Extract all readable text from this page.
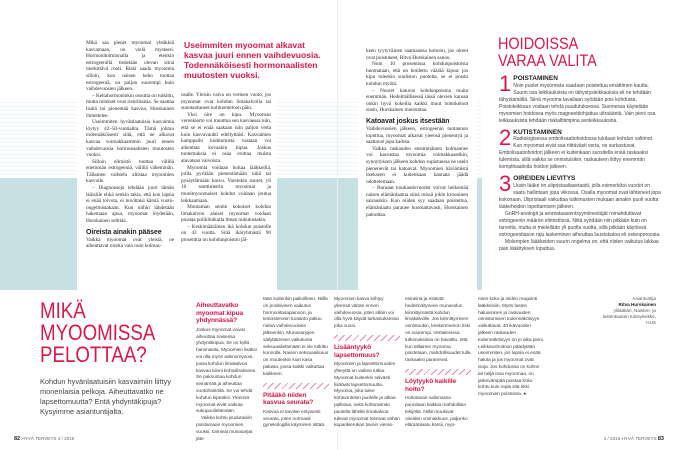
Mikä saa pienet myoomat yhtäkkiä kasvamaan, on vielä mysteeri. Hormonitoiminnalla ja etenkin estrogeenillä tiedetään olevan siinä merkittävä rooli. Riski saada myoomia silloin, kun naisen keho tuottaa estrogeeniä, on paljon suurempi kuin vaihdevuosien jälkeen.

– Keltahormoninkin osuutta on tutkittu, mutta tulokset ovat ristiriitaisia. Se saattaa lisätä tai pienentää kasvua, Hurskainen ihmettelee.

Useimmiten hyvänlaatuisia kasvaimia löytyy 42–50-vuotiailta. Tämä johtuu todennäköisesti siitä, että ne alkavat kasvaa voimakkaammin juuri ennen vaihdevuosia hormonaalisten muutosten vuoksi.

Silloin elimistö tuottaa välillä enemmän estrogeeniä, välillä vähemmän. Tällainen vaihtelu altistaa myoomien kasvulle.

– Diagnooseja tehdään juuri tämän ikäisille ehkä senkin takia, että kun lapsia ei enää toivota, ei huvittaisi kärsiä vuoto-ongelmistakaan. Kun niihin lähdetään hakemaan apua, myoomat löydetään, Hurskainen selittää.

Oireista ainakin pääsee

Vaikka myoomat ovat yleisiä, ne aiheuttavat oireita vain noin kolmas-

Useimmiten myoomat alkavat kasvaa juuri ennen vaihdevuosia. Todennäköisesti hormonaalisten muutosten vuoksi.

osalle. Yleisin vaiva on verinen vuoto, jos myoomat ovat kohdun limakalvolla tai suuntautuneet kohtuonteloon päin.

Yksi oire on kipu. Myooman verenkierto voi muuttua sen kasvaessa niin, että se ei enää saakaan niin paljon verta kuin kasvuvauhti edellyttäisi. Kasvaimen kamppailu kuihtumista vastaan voi aiheuttaa kovaakin kipua. Joskus tuntemuksia ei osaa erottaa muista alavatsan vaivoista.

Myoomia voidaan hoitaa lääkkeillä, joilla pyritään pienentämään niitä tai pysäyttämään kasvu. Varsinkin suuret, yli 10 senttimetrin myoomat ja monimyoomaiset kohdut voidaan joutua leikkaamaan.

Muutaman sentin kokoiset kohdun limakalvon alaiset myoomat voidaan poistaa poliklinikalla ilman nukutustakin.

– Keskimääräinen ikä kohdun poistolle on 43 vuotta. Siitä ikäryhmästä 90 prosenttia on kohdunpoiston jäl-

keen tyytyväinen saamaansa hoitoon, jos oireet ovat poistuneet, Ritva Hurskainen sanoo.

Noin 10 prosentissa kohdunpoistoista huomataan, että on hoidettu väärää kipua: jos kipu tuleekin suoliston puolelta, se ei poistu kohdun myötä.

– Nuoret katuvat kohdunpoistoa muita enemmän. Hedelmällisessä iässä olevien kanssa onkin hyvä kokeilla kaikki muut hoitokeinot ensin, Hurskainen muistuttaa.

Katoavat joskus itsestään

Vaihdevuosien jälkeen, estrogeenin tuotannon loputtua, myoomat alkavat yleensä pienentyä ja saattavat jopa kadota.

Vaikka raskauden ensimmäinen kolmannes voi kasvattaa myoomia voimakkaastikin, synnytyksen jälkeen kohdun supistuessa ne usein pienenevät tai katoavat. Myoomien häviämistä itsekseen ei kuitenkaan kannata jäädä odottelemaan.

– Runsaat kuukautisvuodot voivat heikentää naisen elämänlaatua siinä missä jokin krooninen sairauskin. Kun niiden syy saadaan poistettua, elämänlaatu paranee huomattavasti, Hurskainen painottaa.

HOIDOISSA
VARAA VALITA
1 POISTAMINEN

Noin puolet myoomista saadaan poistettua emättimen kautta. Suurin osa leikkauksista on tähystysleikkauksia eli ne tehdään tähystämällä. Siinä myooma tavallaan syödään pois kohdusta. Poistoleikkaus voidaan tehdä puudutuksessa. Suomessa käytetään myoomien hoidossa myös magneettiohjattua ultraääntä. Vain pieni osa leikkauksista tehdään riskialttiimpina avoleikkauksina.

2 KUTISTAMINEN

Radiologisessa embolisaatiohoidossa tukitaan kohdun valtimot. Kun myoomat eivät saa riittävästi verta, ne surkastuvat. Embolisaatiohoidon jälkeen ei kuitenkaan suositella enää raskaaksi tulemista, sillä vaikka se onnistuisikin, raskauteen liittyy enemmän komplikaatioita hoidon jälkeen.

3 OIREIDEN LIEVITYS

Uusin lääke on ulipristaaliasetaatti, jolla esimerkiksi vuodot on saatu hallintaan jopa viikossa. Osalla myoomat ovat lähteneet jopa kokonaan. Ulipristaali vaikuttaa tutkimusten mukaan ainakin puoli vuotta lääkehoidon lopettamisen jälkeen.

GnRH-analogit ja aromataasientsyymiinestäjät romahduttavat estrogeenin määrän elimistössä. Niitä syödään niin pitkään kuin on tarvetta, mutta ei mielellään yli puolta vuotta, sillä pitkään käytössä estrogeenitason raju laskeminen aiheuttaa luustokatoa eli osteoporoosia.

Molempien lääkkeiden suurin ongelma on, että niiden vaikutus lakkaa pian lääkityksen loputtua.

MIKÄ
MYOOMISSA
PELOTTAA?
Kohdun hyvänlaatuisiin kasvaimiin liittyy monenlaisia pelkoja. Aiheuttavatko ne lapsettomuutta? Entä yhdyntäkipuja? Kysyimme asiantuntijalta.
Aiheuttavatko myoomat kipua yhdynnässä?

Joskus myoomat voivat aiheuttaa naisessa yhdyntäkipua. Se on kyllä harvinaista. Myoomien lisäksi voi olla myös adenomyoosi, jossa kohdun limakalvoa kasvaa kiinni kohtulihakseen. Se paksuntaa kohdun seinämää ja aiheuttaa vuotohäiriöitä. Se voi tehdä kohdun kipeäksi. Yleensä myoomat eivät vaikuta sukupuolielämään.

Vaikka kohtu joudutaisiin poistamaan myoomien vuoksi, toimivat munasarjat jäte-

tään kuitenkin paikoilleen. Niillä on positiivinen vaikutus hormonitasapainoon, ja testosteronin tuotanto jatkuu niissä vaihdevuosien jälkeenkin. Munasarjojen säilyttämisen vaikutusta seksuaalielämään ei ole tutkittu kunnolla. Naisen seksuaalisuus on muutenkin kuin kasa palasia, jossa kaikki vaikuttaa kaikkeen.

Pitääkö niiden kasvua seurata?

Kasvua ei tarvitse erityisesti seurata, joten normaali gynekologilla käyminen riittää.

Myoomien kasvu kiihtyy yleensä vähän ennen vaihdevuosia, joten silloin voi olla hyvä käydä tarkastuksessa joka vuosi.

Lisääntyykö lapsettomuus?

Myoomien ja lapsettomuuden yhteyttä on vaikea tutkia. Myoomat kuitenkin selvästi lisäävät lapsettomuutta. Myooma, joka tulee kohtuontelon puolelle ja alkaa pullistua, sekä kohtuseinän puolelta lähelle limakalvoa tulevat myoomat toimivat vähän kuparikierukan tavoin vieras-

esineinä ja estävät hedelmöityneen munasolun kiinnittymästä kohdun limakalvolle. Jos kiinnittyminen onnistuukin, keskenmenon riski on suurempi. Vertailevissa tutkimuksissa on havaittu, että kun tällainen myooma poistetaan, mahdollisuudet tulla raskaaksi paranevat.

Löytyykö kaikille hoito?

Hoitotavan valinnassa punnitaan kaikkia mahdollisia tekijöitä. Niihin kuuluvat oireiden voimakkuus, paljonko elämänlaatu kärsii, myo-

mien koko ja niiden reagointi lääkkeisiin. Myös lasten haluaminen ja raskauden onnistumisen todennäköisyys vaikuttavat. 40 ikävuoden jälkeen raskauden todennäköisyys on jo aika pieni. Leikkaushoitoon päädytään useimmiten, jos lapsia ei enää haluta ja jos myoomat ovat isoja. Jos kohdussa on kolme tai neljä isoa myoomaa, on järkevämpää poistaa koko kohtu kuin repiä sitä rikki myoomien poistossa. ●

Asiantuntija
Ritva Hurskainen
ylilääkäri, Naisten- ja lastentautien tulosyksikkö, HUS
82 HYVÄ TERVEYS 4 / 2016	4 / 2016 HYVÄ TERVEYS 83
